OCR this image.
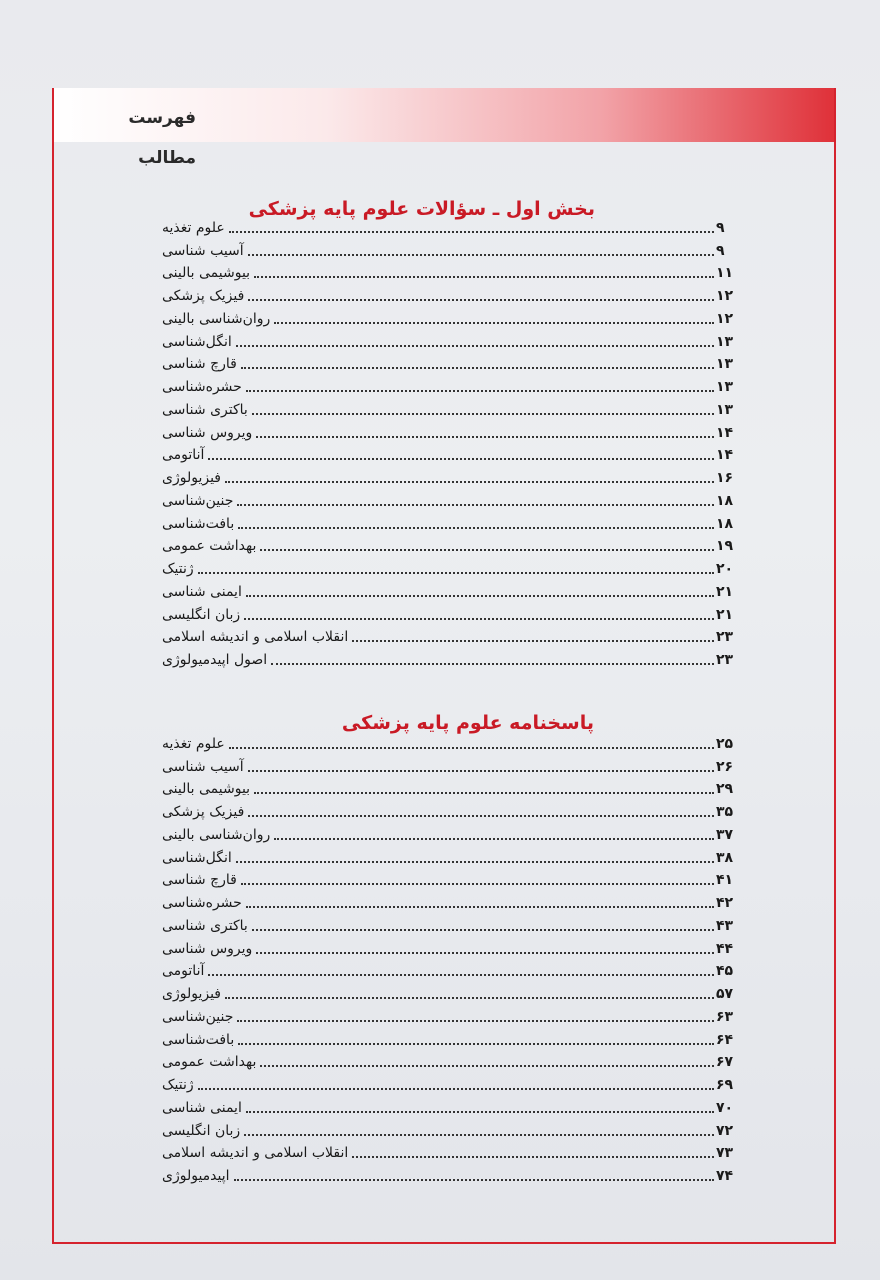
فهرست مطالب
بخش اول ـ سؤالات علوم پایه پزشکی
علوم تغذیه	۹
آسیب شناسی	۹
بیوشیمی بالینی	۱۱
فیزیک پزشکی	۱۲
روان‌شناسی بالینی	۱۲
انگل‌شناسی	۱۳
قارچ شناسی	۱۳
حشره‌شناسی	۱۳
باکتری شناسی	۱۳
ویروس شناسی	۱۴
آناتومی	۱۴
فیزیولوژی	۱۶
جنین‌شناسی	۱۸
بافت‌شناسی	۱۸
بهداشت عمومی	۱۹
ژنتیک	۲۰
ایمنی شناسی	۲۱
زبان انگلیسی	۲۱
انقلاب اسلامی و اندیشه اسلامی	۲۳
اصول اپیدمیولوژی	۲۳
پاسخنامه علوم پایه پزشکی
علوم تغذیه	۲۵
آسیب شناسی	۲۶
بیوشیمی بالینی	۲۹
فیزیک پزشکی	۳۵
روان‌شناسی بالینی	۳۷
انگل‌شناسی	۳۸
قارچ شناسی	۴۱
حشره‌شناسی	۴۲
باکتری شناسی	۴۳
ویروس شناسی	۴۴
آناتومی	۴۵
فیزیولوژی	۵۷
جنین‌شناسی	۶۳
بافت‌شناسی	۶۴
بهداشت عمومی	۶۷
ژنتیک	۶۹
ایمنی شناسی	۷۰
زبان انگلیسی	۷۲
انقلاب اسلامی و اندیشه اسلامی	۷۳
اپیدمیولوژی	۷۴
